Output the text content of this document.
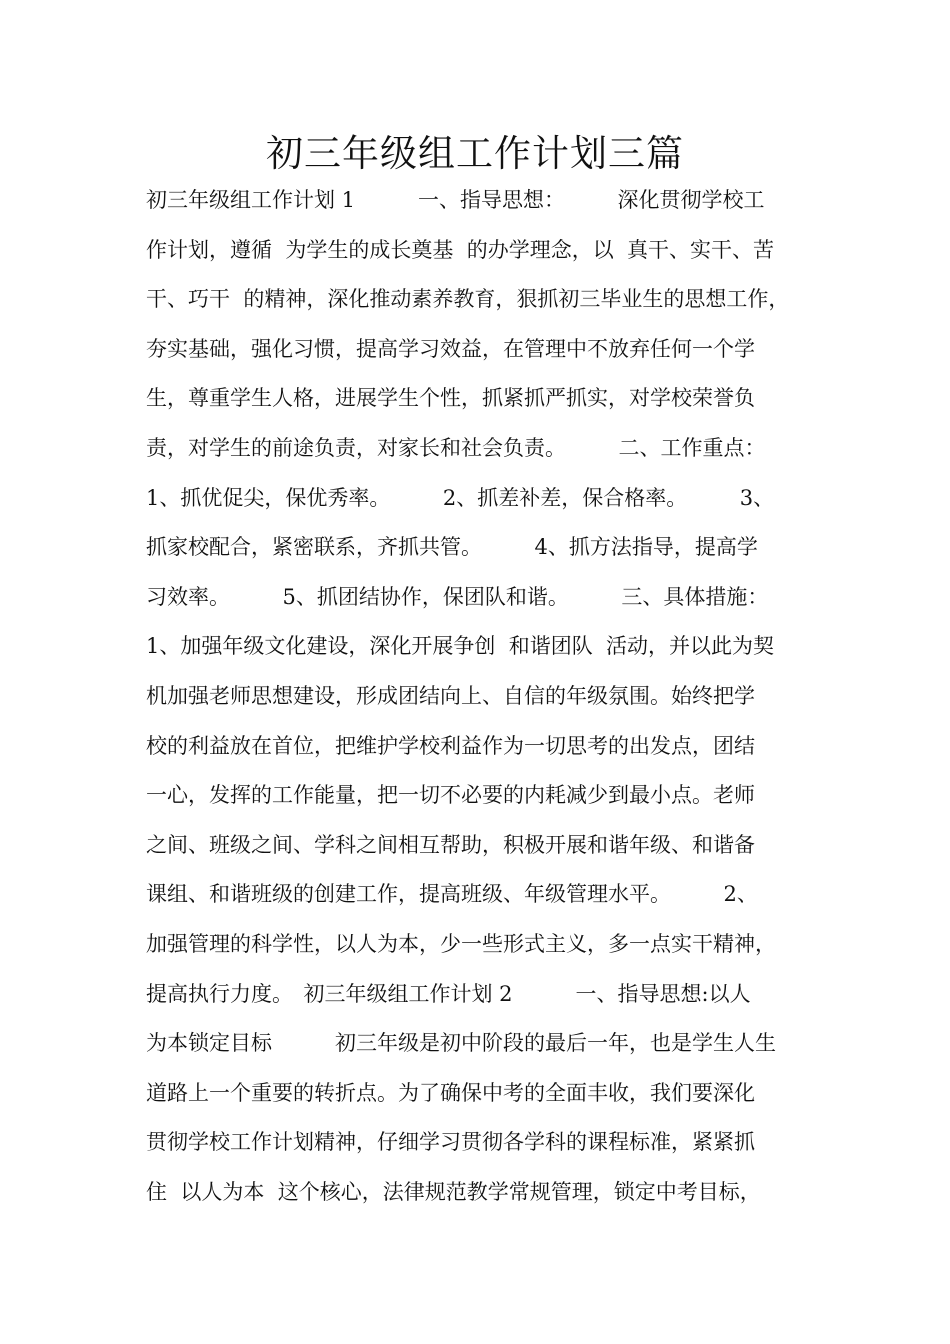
初三年级组工作计划三篇
初三年级组工作计划 1　　　一、指导思想：　　　深化贯彻学校工
作计划，遵循  为学生的成长奠基  的办学理念，以  真干、实干、苦
干、巧干  的精神，深化推动素养教育，狠抓初三毕业生的思想工作，
夯实基础，强化习惯，提高学习效益，在管理中不放弃任何一个学
生，尊重学生人格，进展学生个性，抓紧抓严抓实，对学校荣誉负
责，对学生的前途负责，对家长和社会负责。　　　二、工作重点：
1、抓优促尖，保优秀率。　　　2、抓差补差，保合格率。　　　3、
抓家校配合，紧密联系，齐抓共管。　　　4、抓方法指导，提高学
习效率。　　　5、抓团结协作，保团队和谐。　　　三、具体措施：
1、加强年级文化建设，深化开展争创  和谐团队  活动，并以此为契
机加强老师思想建设，形成团结向上、自信的年级氛围。始终把学
校的利益放在首位，把维护学校利益作为一切思考的出发点，团结
一心，发挥的工作能量，把一切不必要的内耗减少到最小点。老师
之间、班级之间、学科之间相互帮助，积极开展和谐年级、和谐备
课组、和谐班级的创建工作，提高班级、年级管理水平。　　　2、
加强管理的科学性，以人为本，少一些形式主义，多一点实干精神，
提高执行力度。　初三年级组工作计划 2　　　一、指导思想:以人
为本锁定目标　　　初三年级是初中阶段的最后一年，也是学生人生
道路上一个重要的转折点。为了确保中考的全面丰收，我们要深化
贯彻学校工作计划精神，仔细学习贯彻各学科的课程标准，紧紧抓
住  以人为本  这个核心，法律规范教学常规管理，锁定中考目标，
